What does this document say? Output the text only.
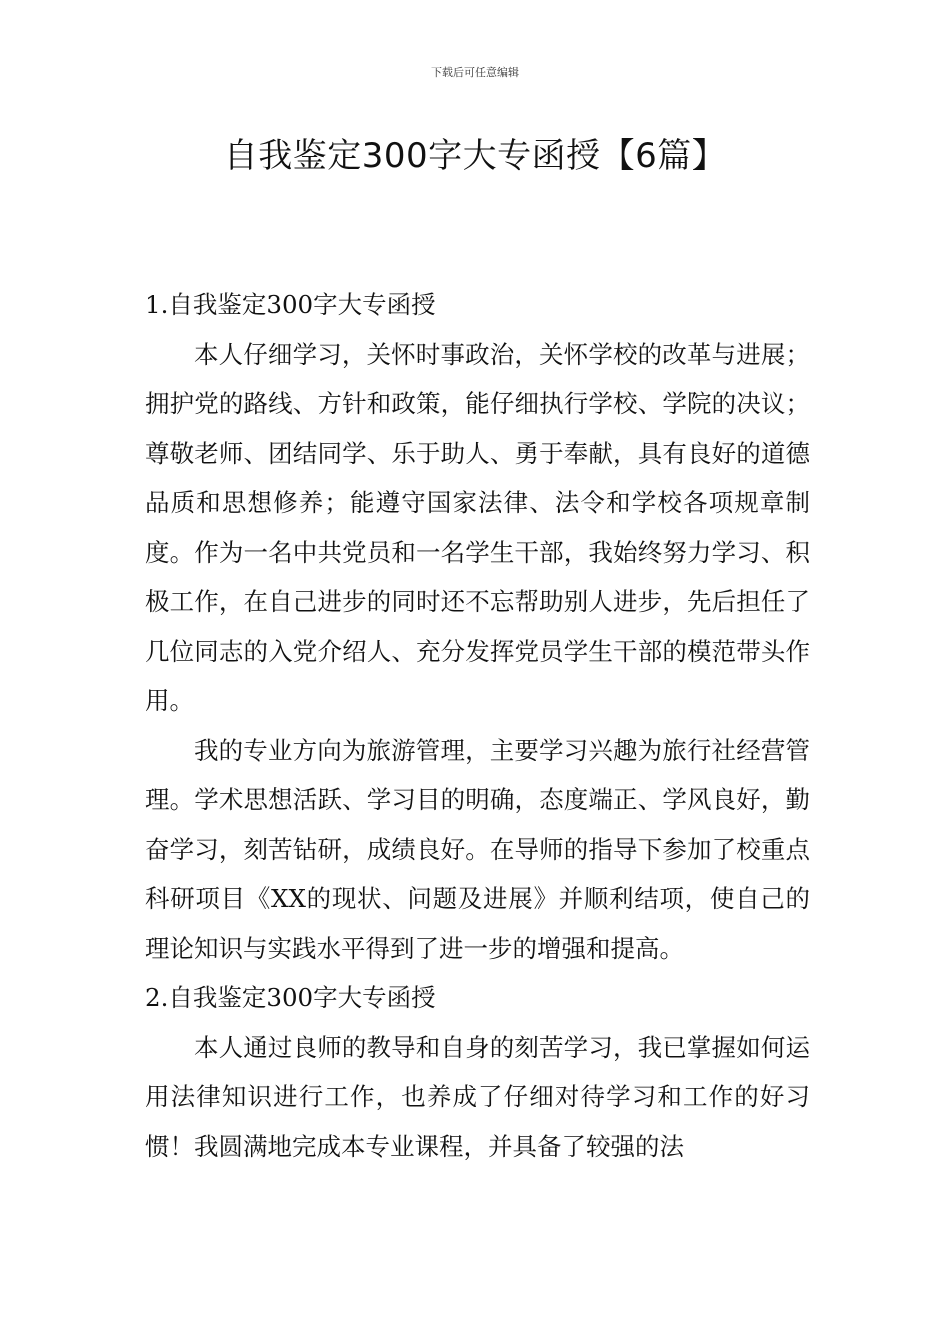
下载后可任意编辑
自我鉴定300字大专函授【6篇】
1.自我鉴定300字大专函授

本人仔细学习，关怀时事政治，关怀学校的改革与进展；拥护党的路线、方针和政策，能仔细执行学校、学院的决议；尊敬老师、团结同学、乐于助人、勇于奉献，具有良好的道德品质和思想修养；能遵守国家法律、法令和学校各项规章制度。作为一名中共党员和一名学生干部，我始终努力学习、积极工作，在自己进步的同时还不忘帮助别人进步，先后担任了几位同志的入党介绍人、充分发挥党员学生干部的模范带头作用。

我的专业方向为旅游管理，主要学习兴趣为旅行社经营管理。学术思想活跃、学习目的明确，态度端正、学风良好，勤奋学习，刻苦钻研，成绩良好。在导师的指导下参加了校重点科研项目《XX的现状、问题及进展》并顺利结项，使自己的理论知识与实践水平得到了进一步的增强和提高。

2.自我鉴定300字大专函授

本人通过良师的教导和自身的刻苦学习，我已掌握如何运用法律知识进行工作，也养成了仔细对待学习和工作的好习惯！我圆满地完成本专业课程，并具备了较强的法
